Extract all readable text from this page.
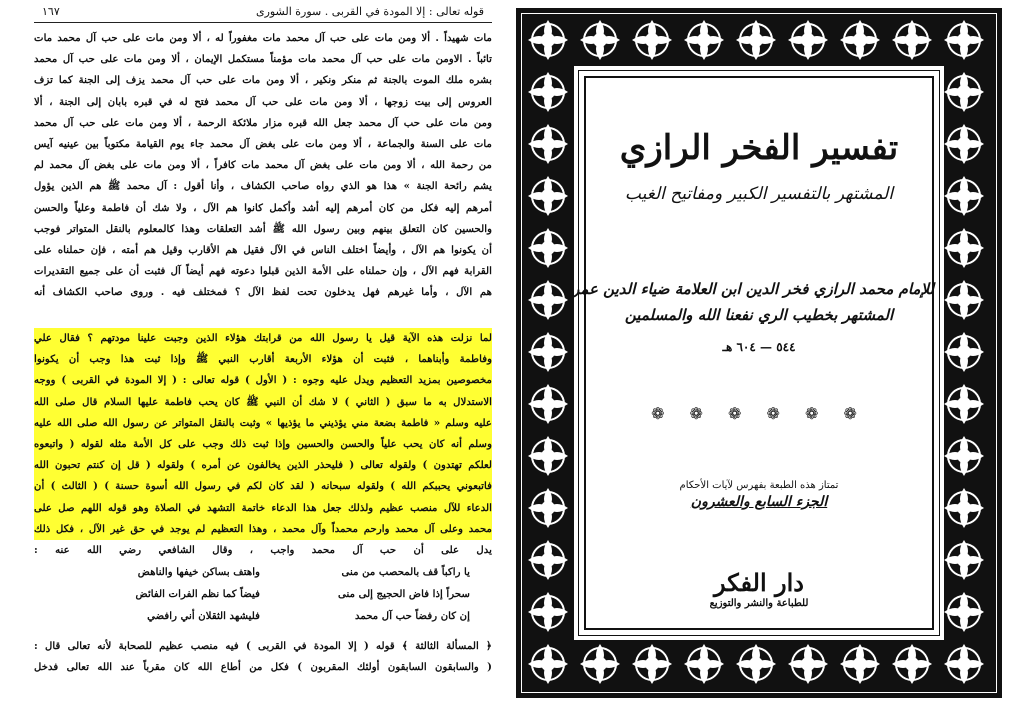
قوله تعالى : إلا المودة في القربى . سورة الشورى
١٦٧
مات شهيداً . ألا ومن مات على حب آل محمد مات مغفوراً له ، ألا ومن مات على حب آل محمد مات
تائباً . الاومن مات على حب آل محمد مات مؤمناً مستكمل الإيمان ، ألا ومن مات على حب آل محمد
بشره ملك الموت بالجنة ثم منكر ونكير ، ألا ومن مات على حب آل محمد يزف إلى الجنة كما تزف
العروس إلى بيت زوجها ، ألا ومن مات على حب آل محمد فتح له في قبره بابان إلى الجنة ، ألا
ومن مات على حب آل محمد جعل الله قبره مزار ملائكة الرحمة ، ألا ومن مات على حب آل محمد
مات على السنة والجماعة ، ألا ومن مات على بغض آل محمد جاء يوم القيامة مكتوباً بين عينيه آيس
من رحمة الله ، ألا ومن مات على بغض آل محمد مات كافراً ، ألا ومن مات على بغض آل محمد لم
يشم رائحة الجنة » هذا هو الذي رواه صاحب الكشاف ، وأنا أقول : آل محمد ﷺ هم الذين يؤول
أمرهم إليه فكل من كان أمرهم إليه أشد وأكمل كانوا هم الآل ، ولا شك أن فاطمة وعلياً والحسن
والحسين كان التعلق بينهم وبين رسول الله ﷺ أشد التعلقات وهذا كالمعلوم بالنقل المتواتر فوجب
أن يكونوا هم الآل ، وأيضاً اختلف الناس في الآل فقيل هم الأقارب وقيل هم أمته ، فإن حملناه على
القرابة فهم الآل ، وإن حملناه على الأمة الذين قبلوا دعوته فهم أيضاً آل فثبت أن على جميع التقديرات
هم الآل ، وأما غيرهم فهل يدخلون تحت لفظ الآل ؟ فمختلف فيه . وروى صاحب الكشاف أنه
لما نزلت هذه الآية قيل يا رسول الله من قرابتك هؤلاء الذين وجبت علينا مودتهم ؟ فقال علي
وفاطمة وأبناهما ، فثبت أن هؤلاء الأربعة أقارب النبي ﷺ وإذا ثبت هذا وجب أن يكونوا
مخصوصين بمزيد التعظيم ويدل عليه وجوه : ( الأول ) قوله تعالى : ( إلا المودة في القربى ) ووجه
الاستدلال به ما سبق ( الثاني ) لا شك أن النبي ﷺ كان يحب فاطمة عليها السلام قال صلى الله
عليه وسلم « فاطمة بضعة مني يؤذيني ما يؤذيها » وثبت بالنقل المتواتر عن رسول الله صلى الله عليه
وسلم أنه كان يحب علياً والحسن والحسين وإذا ثبت ذلك وجب على كل الأمة مثله لقوله ( واتبعوه
لعلكم تهتدون ) ولقوله تعالى ( فليحذر الذين يخالفون عن أمره ) ولقوله ( قل إن كنتم تحبون الله
فاتبعوني يحببكم الله ) ولقوله سبحانه ( لقد كان لكم في رسول الله أسوة حسنة ) ( الثالث ) أن
الدعاء للآل منصب عظيم ولذلك جعل هذا الدعاء خاتمة التشهد في الصلاة وهو قوله اللهم صل على
محمد وعلى آل محمد وارحم محمداً وآل محمد ، وهذا التعظيم لم يوجد في حق غير الآل ، فكل ذلك
يدل على أن حب آل محمد واجب ، وقال الشافعي رضي الله عنه :
يا راكباً قف بالمحصب من منى
واهتف بساكن خيفها والناهض
سحراً إذا فاض الحجيج إلى منى
فيضاً كما نظم الفرات الفائض
إن كان رفضاً حب آل محمد
فليشهد الثقلان أني رافضي
﴿ المسألة الثالثة ﴾ قوله ( إلا المودة في القربى ) فيه منصب عظيم للصحابة لأنه تعالى قال :
( والسابقون السابقون أولئك المقربون ) فكل من أطاع الله كان مقرباً عند الله تعالى فدخل
تفسير الفخر الرازي
المشتهر بالتفسير الكبير ومفاتيح الغيب
للإمام محمد الرازي فخر الدين ابن العلامة ضياء الدين عمر
المشتهر بخطيب الري نفعنا الله والمسلمين
٥٤٤ — ٦٠٤ هـ
❁ ❁ ❁ ❁ ❁ ❁
تمتاز هذه الطبعة بفهرس لآيات الأحكام
الجزء السابع والعشرون
دار الفكر
للطباعة والنشر والتوزيع
